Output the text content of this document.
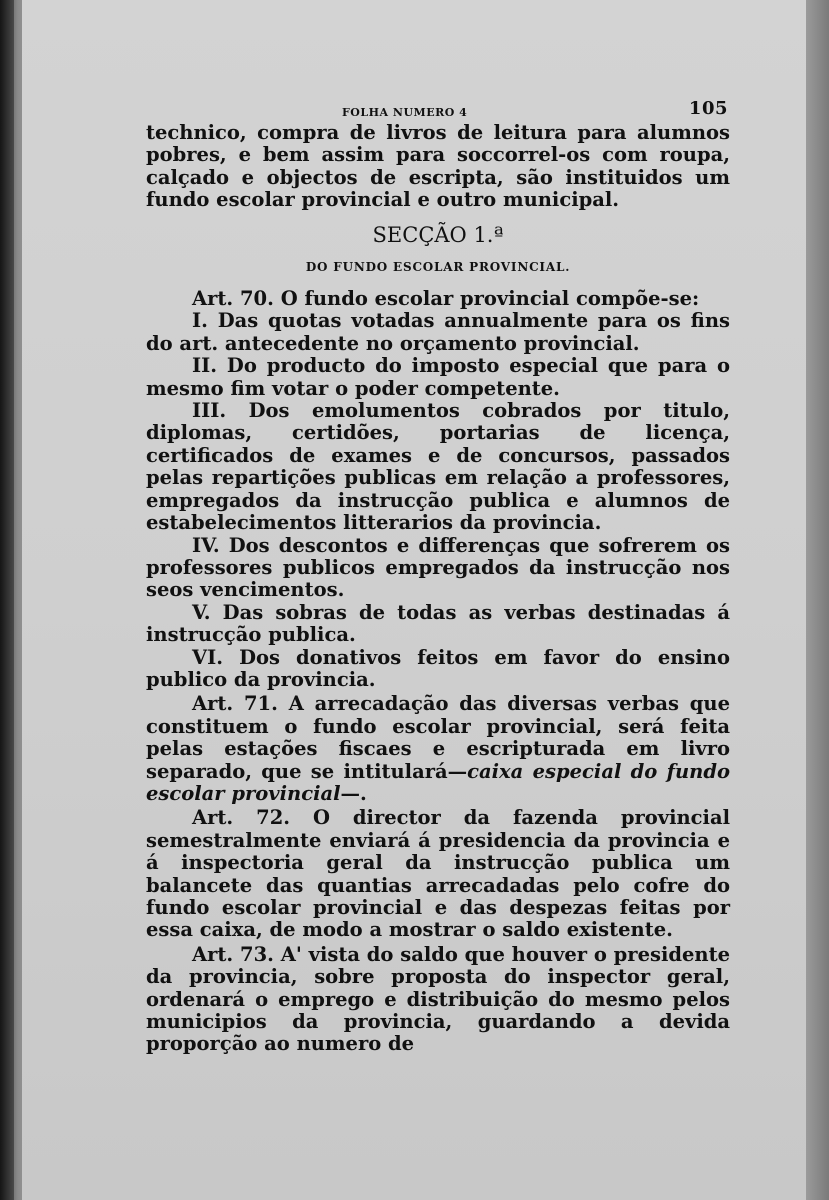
FOLHA NUMERO 4	105

technico, compra de livros de leitura para alumnos pobres, e bem assim para soccorrel-os com roupa, calçado e objectos de escripta, são instituidos um fundo escolar provincial e outro municipal.

SECÇÃO 1.ª
DO FUNDO ESCOLAR PROVINCIAL.

Art. 70. O fundo escolar provincial compõe-se:

I. Das quotas votadas annualmente para os fins do art. antecedente no orçamento provincial.

II. Do producto do imposto especial que para o mesmo fim votar o poder competente.

III. Dos emolumentos cobrados por titulo, diplomas, certidões, portarias de licença, certificados de exames e de concursos, passados pelas repartições publicas em relação a professores, empregados da instrucção publica e alumnos de estabelecimentos litterarios da provincia.

IV. Dos descontos e differenças que sofrerem os professores publicos empregados da instrucção nos seos vencimentos.

V. Das sobras de todas as verbas destinadas á instrucção publica.

VI. Dos donativos feitos em favor do ensino publico da provincia.

Art. 71. A arrecadação das diversas verbas que constituem o fundo escolar provincial, será feita pelas estações fiscaes e escripturada em livro separado, que se intitulará—caixa especial do fundo escolar provincial—.

Art. 72. O director da fazenda provincial semestralmente enviará á presidencia da provincia e á inspectoria geral da instrucção publica um balancete das quantias arrecadadas pelo cofre do fundo escolar provincial e das despezas feitas por essa caixa, de modo a mostrar o saldo existente.

Art. 73. A' vista do saldo que houver o presidente da provincia, sobre proposta do inspector geral, ordenará o emprego e distribuição do mesmo pelos municipios da provincia, guardando a devida proporção ao numero de
